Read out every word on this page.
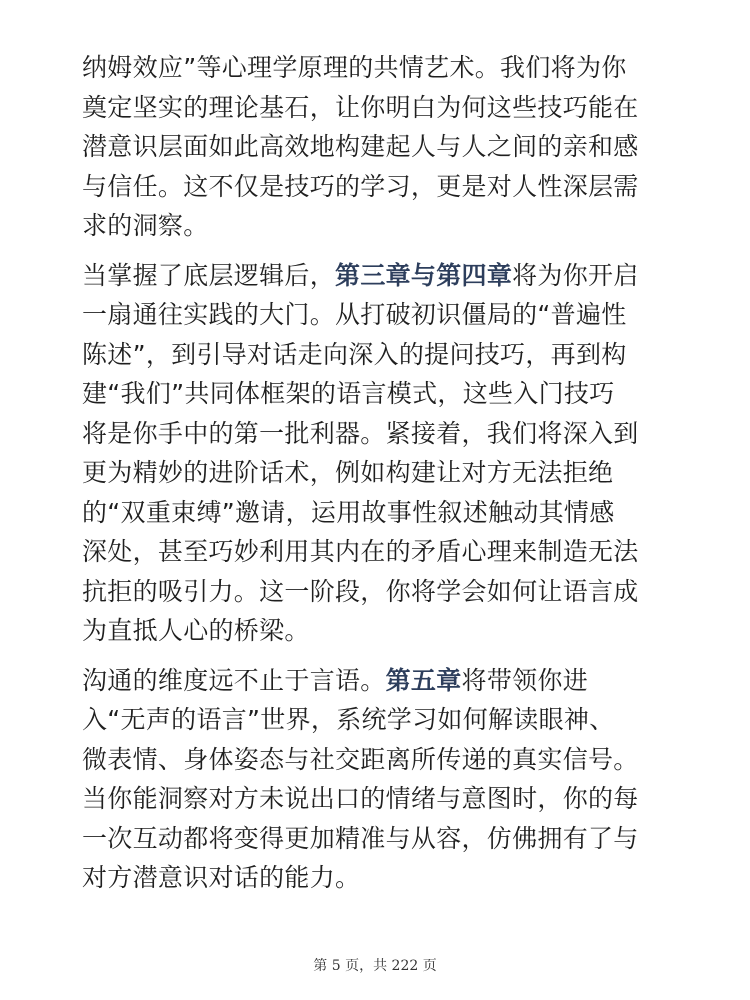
纳姆效应”等心理学原理的共情艺术。我们将为你
奠定坚实的理论基石，让你明白为何这些技巧能在
潜意识层面如此高效地构建起人与人之间的亲和感
与信任。这不仅是技巧的学习，更是对人性深层需
求的洞察。
当掌握了底层逻辑后，第三章与第四章将为你开启
一扇通往实践的大门。从打破初识僵局的“普遍性
陈述”，到引导对话走向深入的提问技巧，再到构
建“我们”共同体框架的语言模式，这些入门技巧
将是你手中的第一批利器。紧接着，我们将深入到
更为精妙的进阶话术，例如构建让对方无法拒绝
的“双重束缚”邀请，运用故事性叙述触动其情感
深处，甚至巧妙利用其内在的矛盾心理来制造无法
抗拒的吸引力。这一阶段，你将学会如何让语言成
为直抵人心的桥梁。
沟通的维度远不止于言语。第五章将带领你进
入“无声的语言”世界，系统学习如何解读眼神、
微表情、身体姿态与社交距离所传递的真实信号。
当你能洞察对方未说出口的情绪与意图时，你的每
一次互动都将变得更加精准与从容，仿佛拥有了与
对方潜意识对话的能力。
第 5 页，共 222 页
